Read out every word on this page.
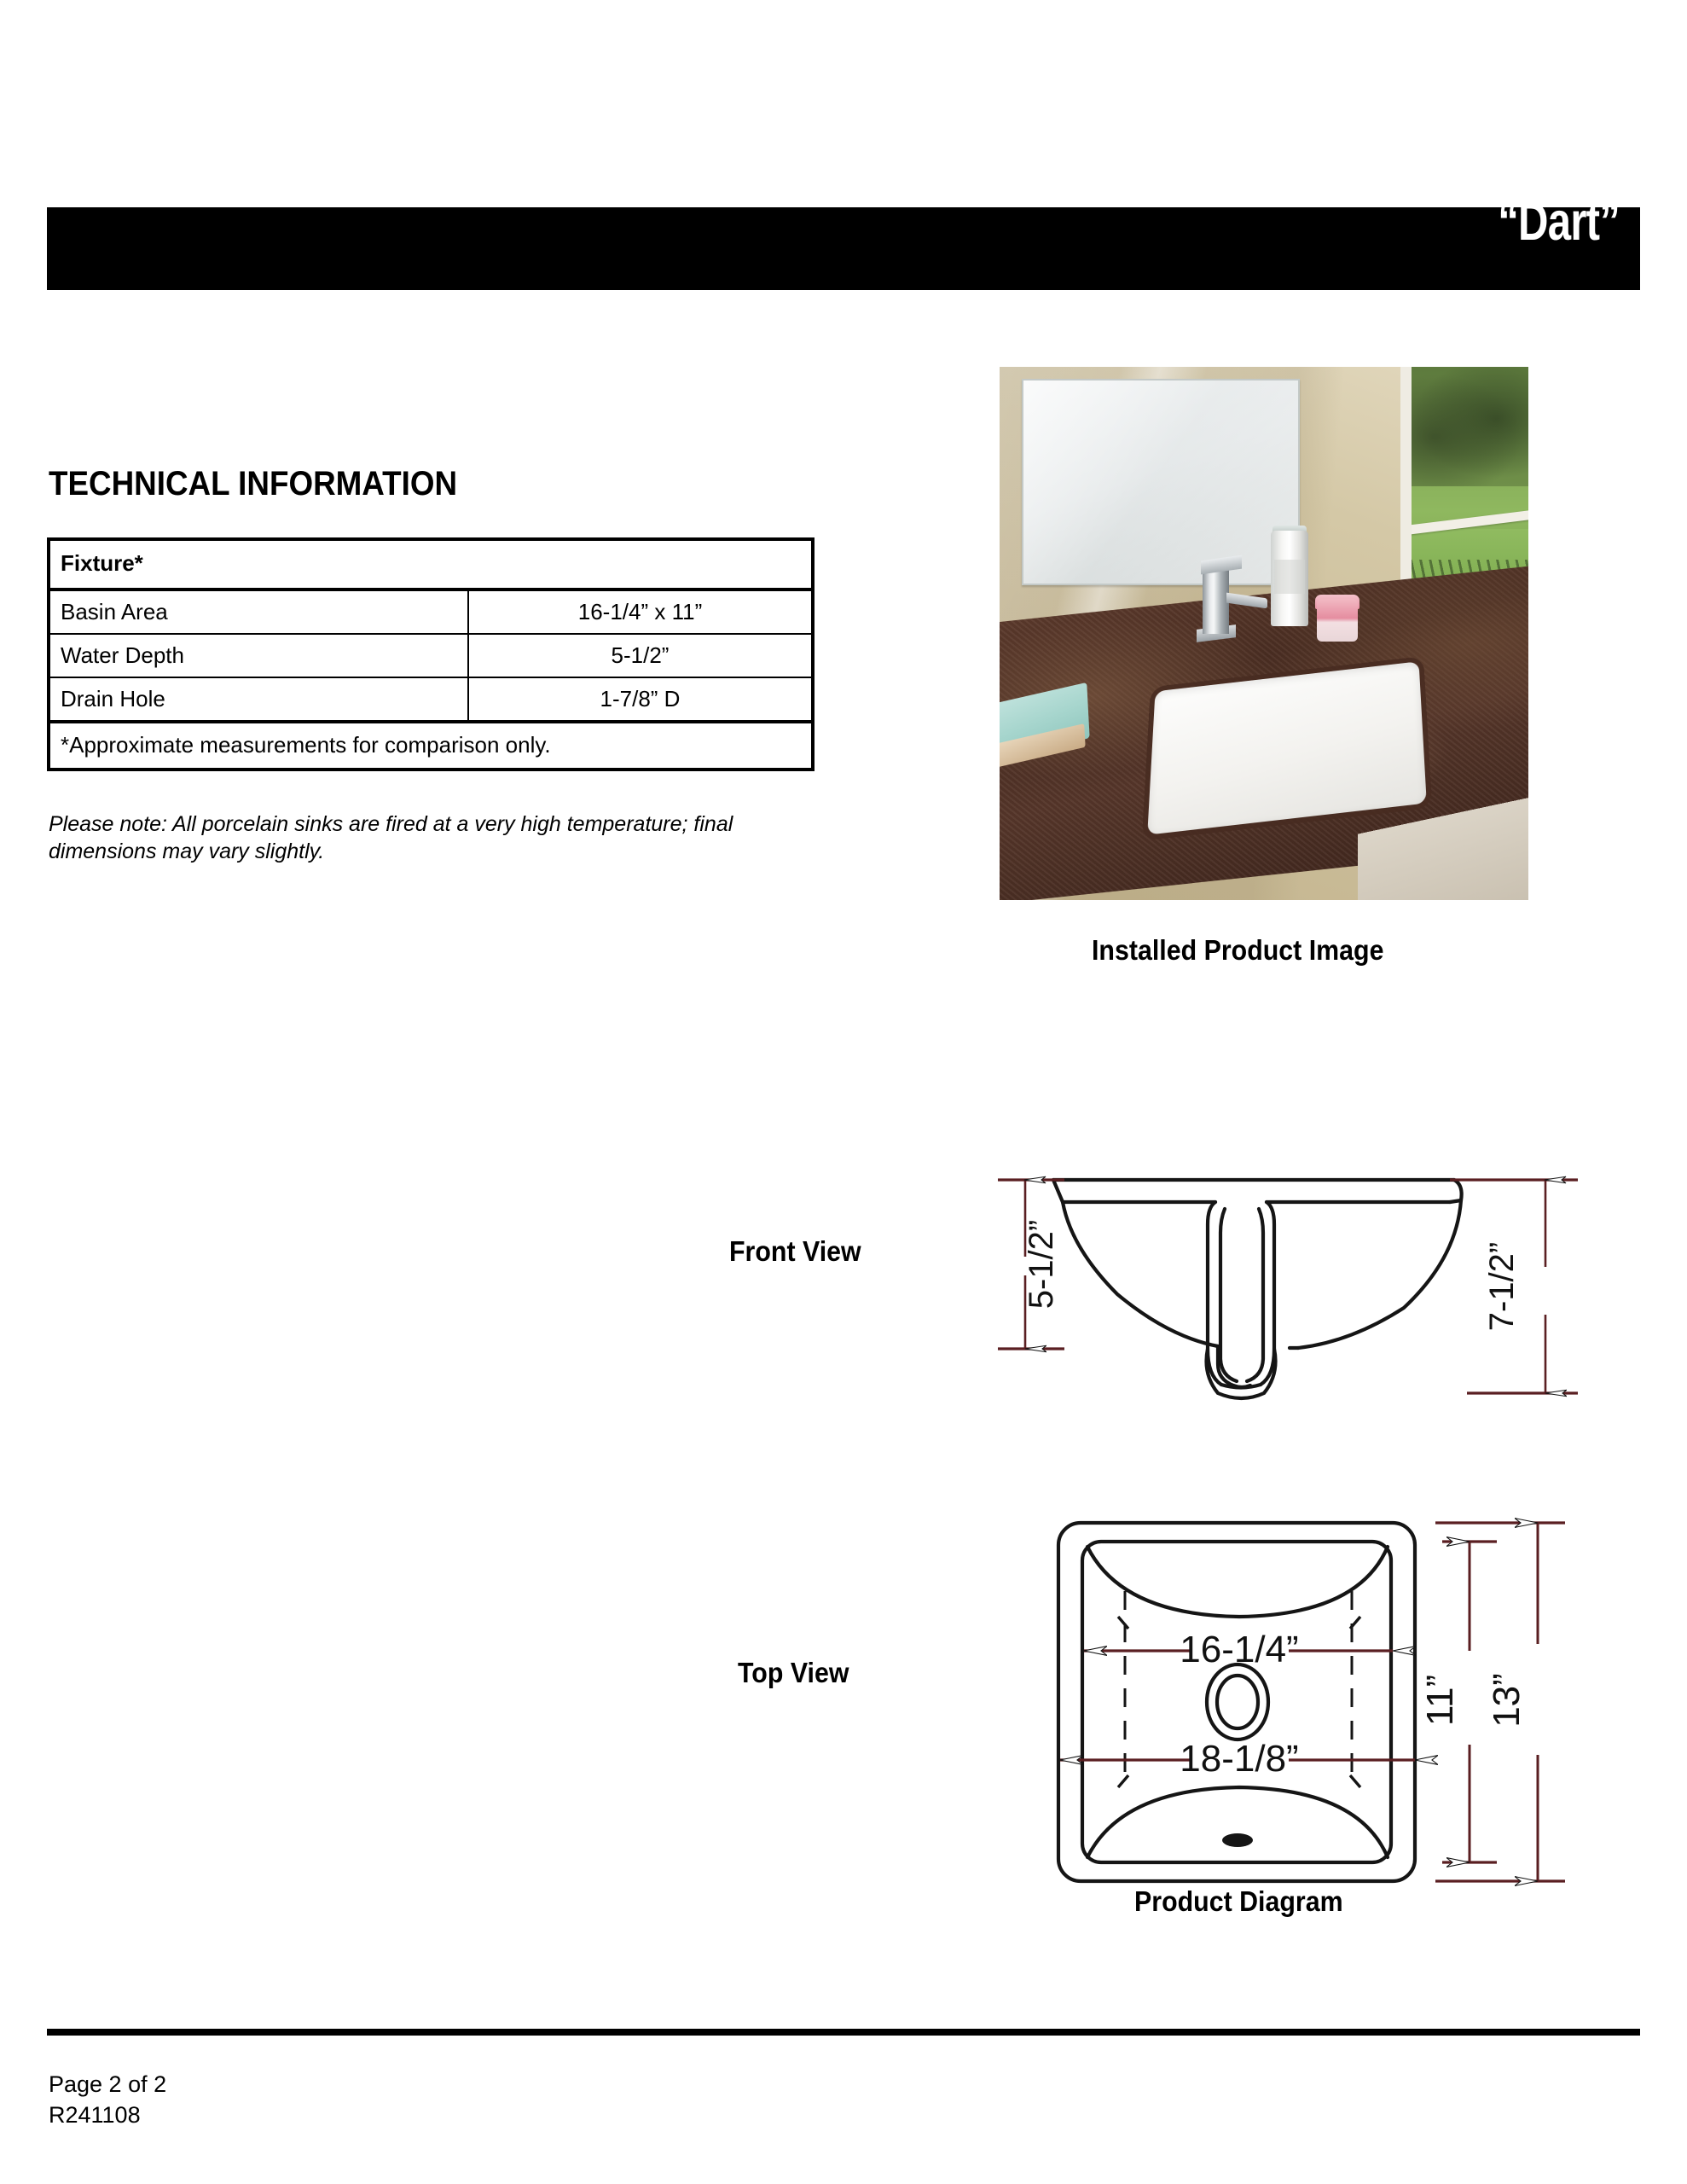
“Dart”
TECHNICAL INFORMATION
Fixture*	
Basin Area	16-1/4” x 11”
Water Depth	5-1/2”
Drain Hole	1-7/8” D
*Approximate measurements for comparison only.	
Please note: All porcelain sinks are fired at a very high temperature; final dimensions may vary slightly.
Installed Product Image
Front View	5-1/2”	7-1/2”
Top View
16-1/4”
18-1/8”
11” 13”
Product Diagram
Page 2 of 2
R241108
